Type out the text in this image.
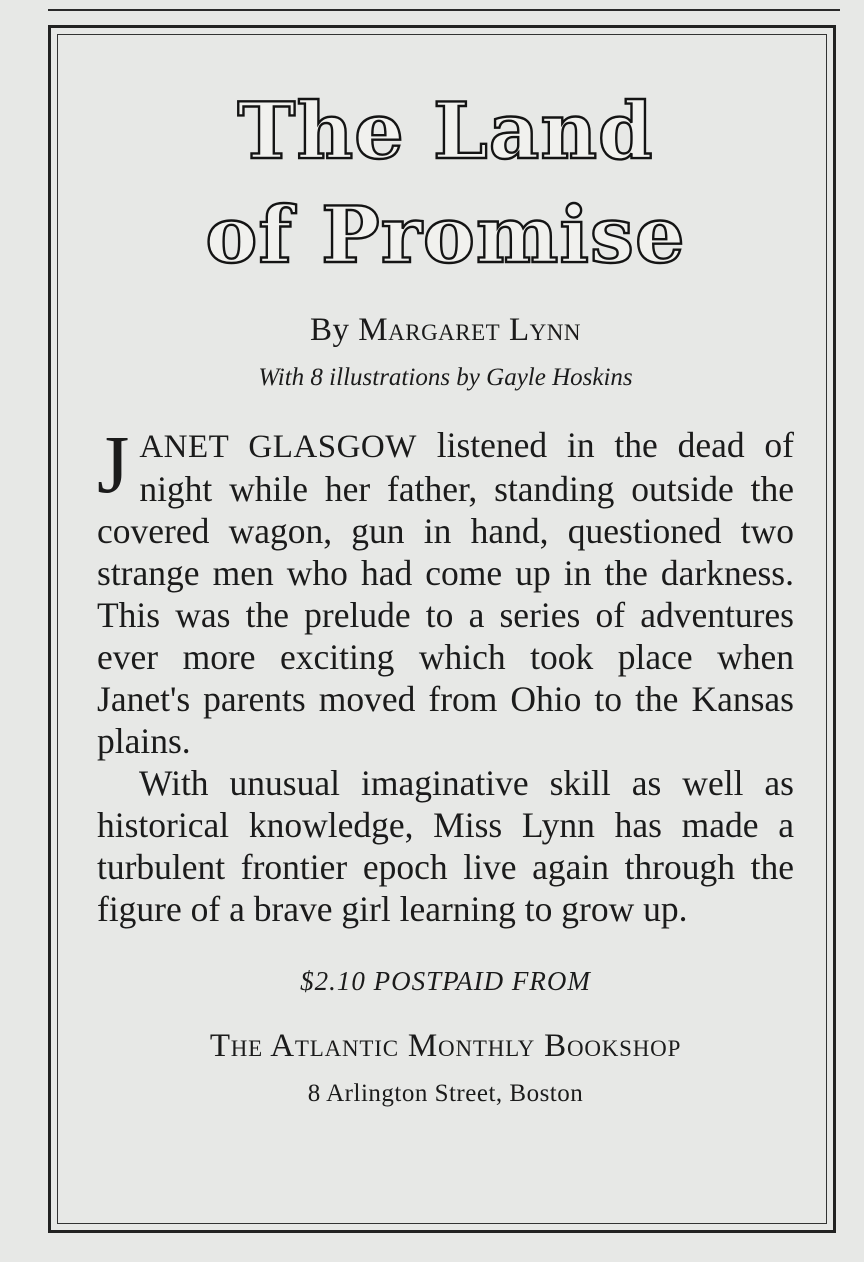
The Land
of Promise
By Margaret Lynn
With 8 illustrations by Gayle Hoskins

JANET GLASGOW listened in the dead of night while her father, standing outside the covered wagon, gun in hand, questioned two strange men who had come up in the darkness. This was the prelude to a series of adventures ever more exciting which took place when Janet's parents moved from Ohio to the Kansas plains.

With unusual imaginative skill as well as historical knowledge, Miss Lynn has made a turbulent frontier epoch live again through the figure of a brave girl learning to grow up.

$2.10 POSTPAID FROM
The Atlantic Monthly Bookshop
8 Arlington Street, Boston
